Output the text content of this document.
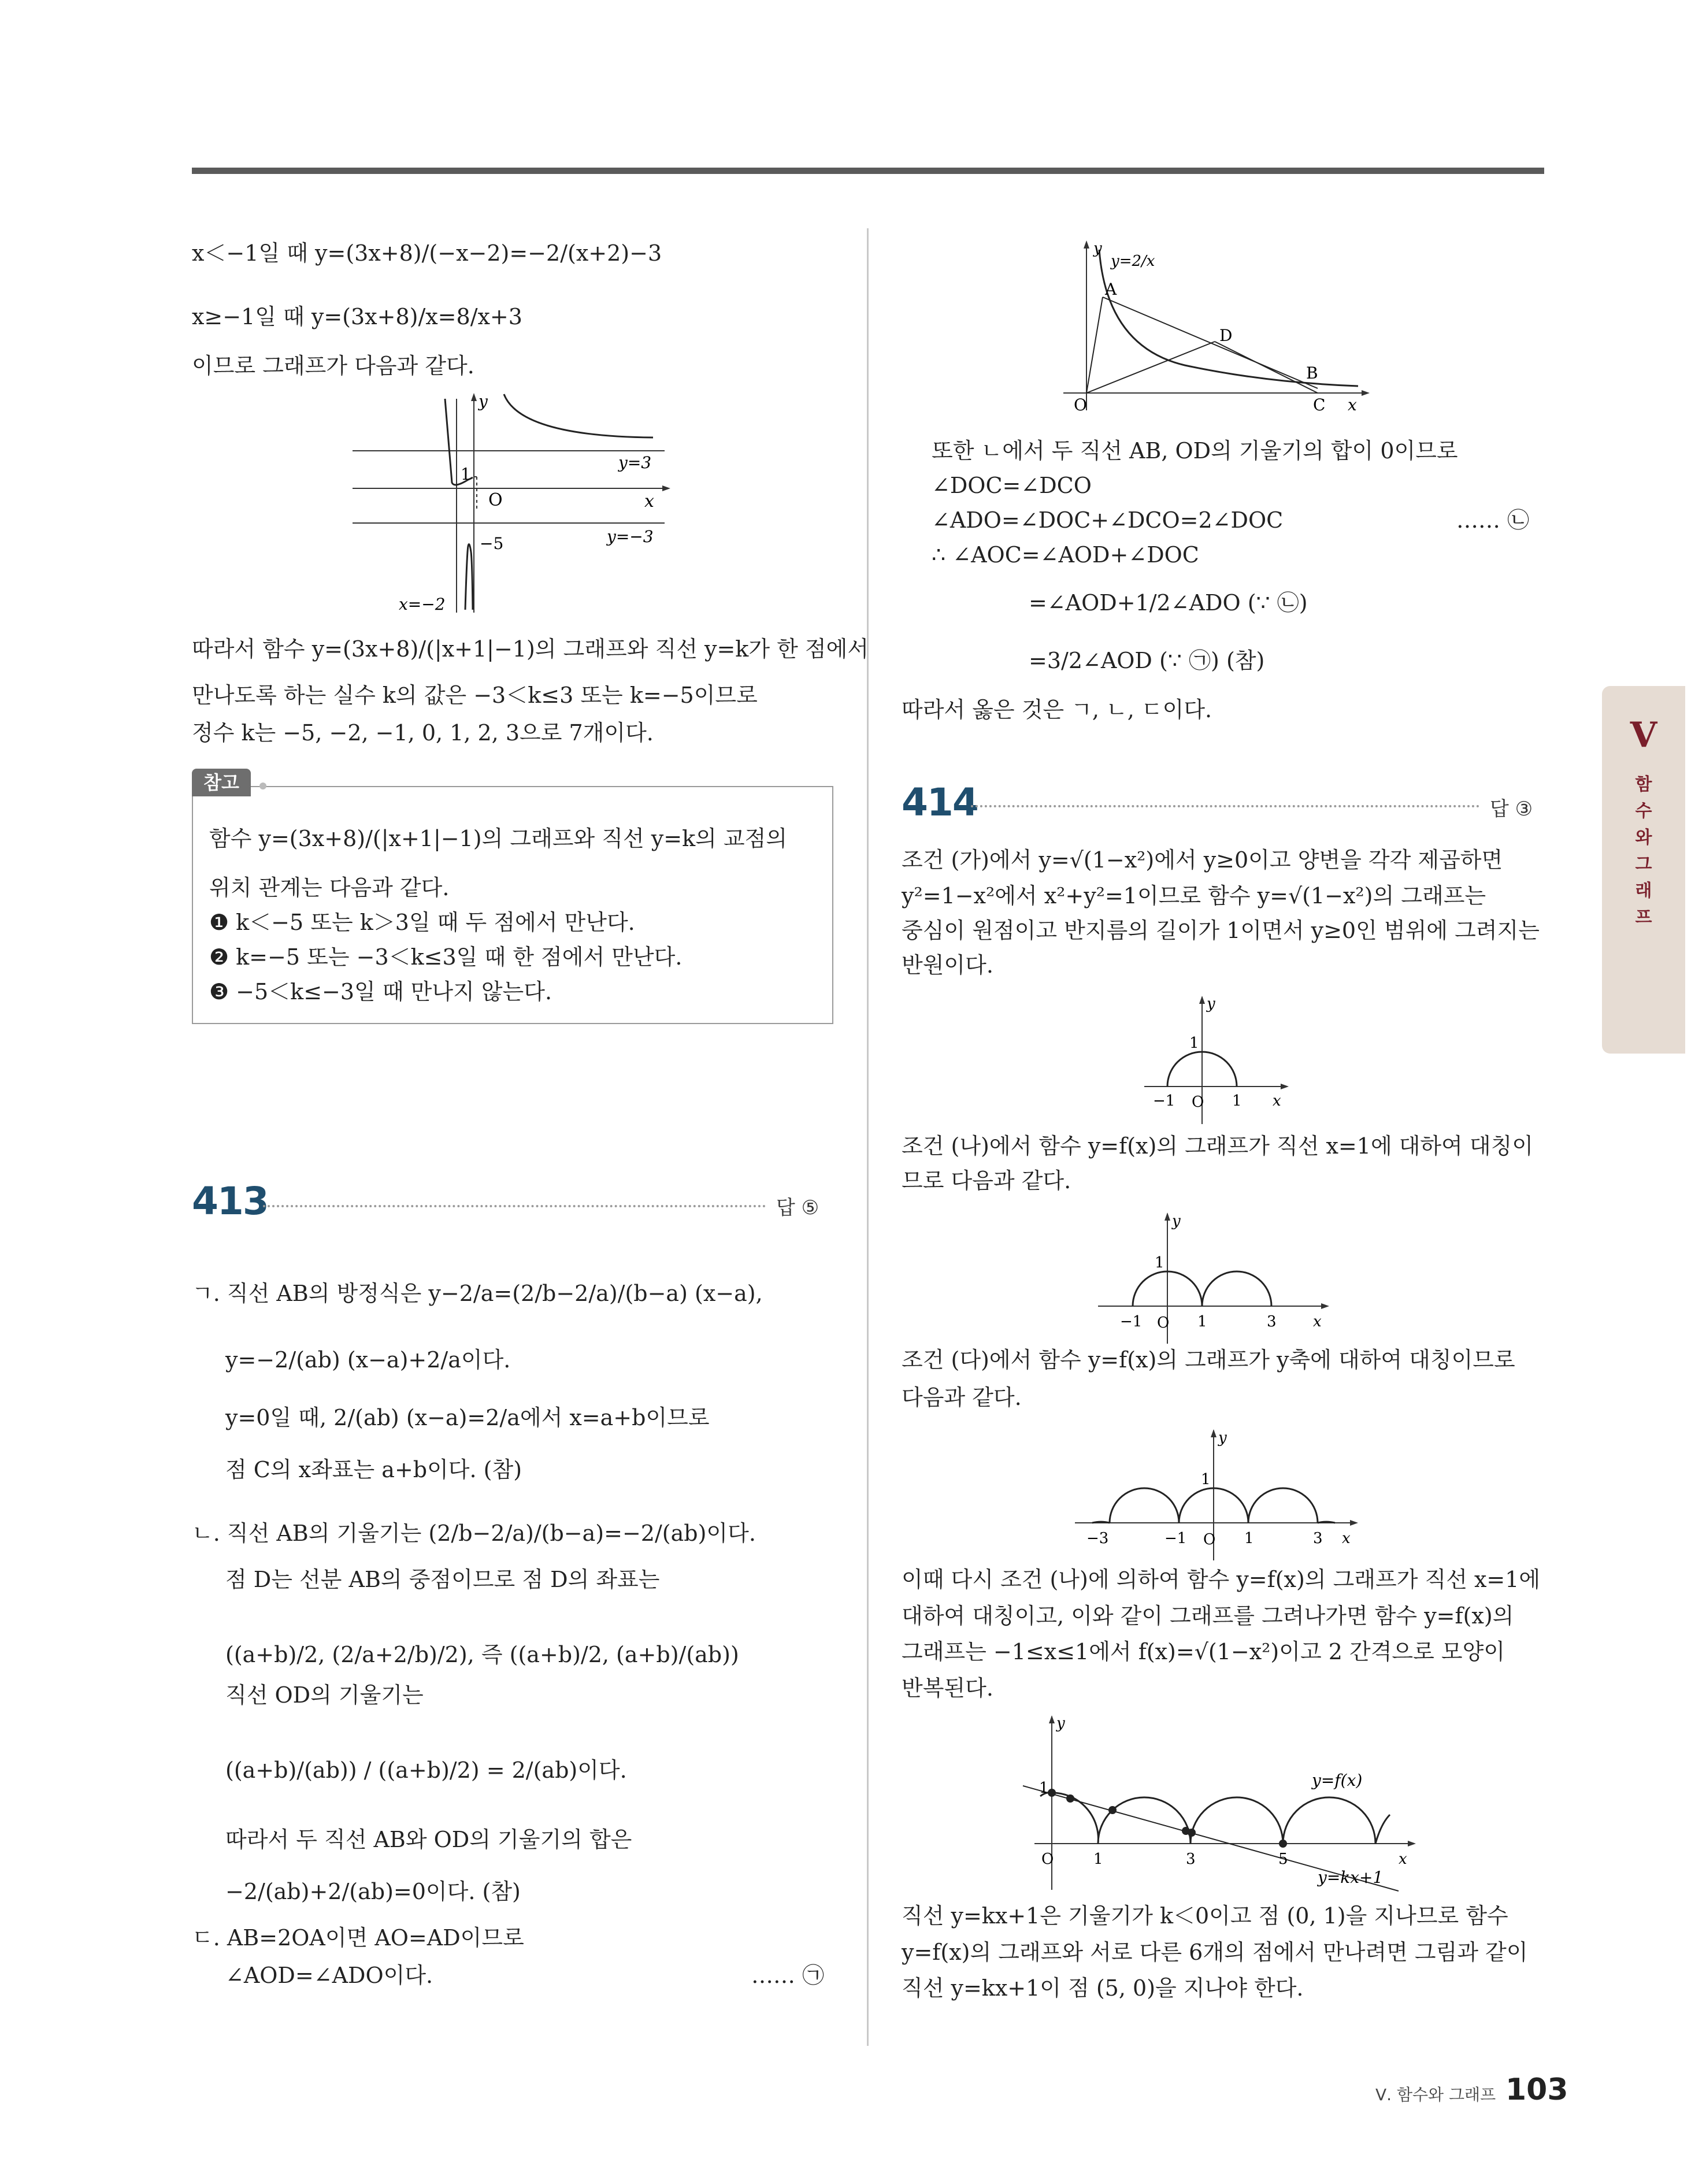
x＜−1일 때 y=(3x+8)/(−x−2)=−2/(x+2)−3
x≥−1일 때 y=(3x+8)/x=8/x+3
이므로 그래프가 다음과 같다.
y
x
O
1
−5
y=3
y=−3
x=−2
따라서 함수 y=(3x+8)/(|x+1|−1)의 그래프와 직선 y=k가 한 점에서
만나도록 하는 실수 k의 값은 −3＜k≤3 또는 k=−5이므로
정수 k는 −5, −2, −1, 0, 1, 2, 3으로 7개이다.
참고
함수 y=(3x+8)/(|x+1|−1)의 그래프와 직선 y=k의 교점의
위치 관계는 다음과 같다.
❶ k＜−5 또는 k＞3일 때 두 점에서 만난다.
❷ k=−5 또는 −3＜k≤3일 때 한 점에서 만난다.
❸ −5＜k≤−3일 때 만나지 않는다.
413	답 ⑤
ㄱ. 직선 AB의 방정식은 y−2/a=(2/b−2/a)/(b−a) (x−a),
y=−2/(ab) (x−a)+2/a이다.
y=0일 때, 2/(ab) (x−a)=2/a에서 x=a+b이므로
점 C의 x좌표는 a+b이다. (참)
ㄴ. 직선 AB의 기울기는 (2/b−2/a)/(b−a)=−2/(ab)이다.
점 D는 선분 AB의 중점이므로 점 D의 좌표는
((a+b)/2, (2/a+2/b)/2), 즉 ((a+b)/2, (a+b)/(ab))
직선 OD의 기울기는
((a+b)/(ab)) / ((a+b)/2) = 2/(ab)이다.
따라서 두 직선 AB와 OD의 기울기의 합은
−2/(ab)+2/(ab)=0이다. (참)
ㄷ. AB=2OA이면 AO=AD이므로
∠AOD=∠ADO이다.	…… ㉠
y
y=2/x
A
D
B
C
O	x
또한 ㄴ에서 두 직선 AB, OD의 기울기의 합이 0이므로
∠DOC=∠DCO
∠ADO=∠DOC+∠DCO=2∠DOC	…… ㉡
∴ ∠AOC=∠AOD+∠DOC
=∠AOD+1/2∠ADO (∵ ㉡)
=3/2∠AOD (∵ ㉠) (참)
따라서 옳은 것은 ㄱ, ㄴ, ㄷ이다.
414	답 ③
조건 (가)에서 y=√(1−x²)에서 y≥0이고 양변을 각각 제곱하면
y²=1−x²에서 x²+y²=1이므로 함수 y=√(1−x²)의 그래프는
중심이 원점이고 반지름의 길이가 1이면서 y≥0인 범위에 그려지는
반원이다.
y
1
−1 O 1 x
조건 (나)에서 함수 y=f(x)의 그래프가 직선 x=1에 대하여 대칭이
므로 다음과 같다.
y
1
−1 O 1	3 x
조건 (다)에서 함수 y=f(x)의 그래프가 y축에 대하여 대칭이므로
다음과 같다.
y
1
−3	−1 O 1	3 x
이때 다시 조건 (나)에 의하여 함수 y=f(x)의 그래프가 직선 x=1에
대하여 대칭이고, 이와 같이 그래프를 그려나가면 함수 y=f(x)의
그래프는 −1≤x≤1에서 f(x)=√(1−x²)이고 2 간격으로 모양이
반복된다.
y
1
O	1	3	5	x
y=f(x)
y=kx+1
직선 y=kx+1은 기울기가 k＜0이고 점 (0, 1)을 지나므로 함수
y=f(x)의 그래프와 서로 다른 6개의 점에서 만나려면 그림과 같이
직선 y=kx+1이 점 (5, 0)을 지나야 한다.
V
함
수
와
그
래
프
Ⅴ. 함수와 그래프 103
